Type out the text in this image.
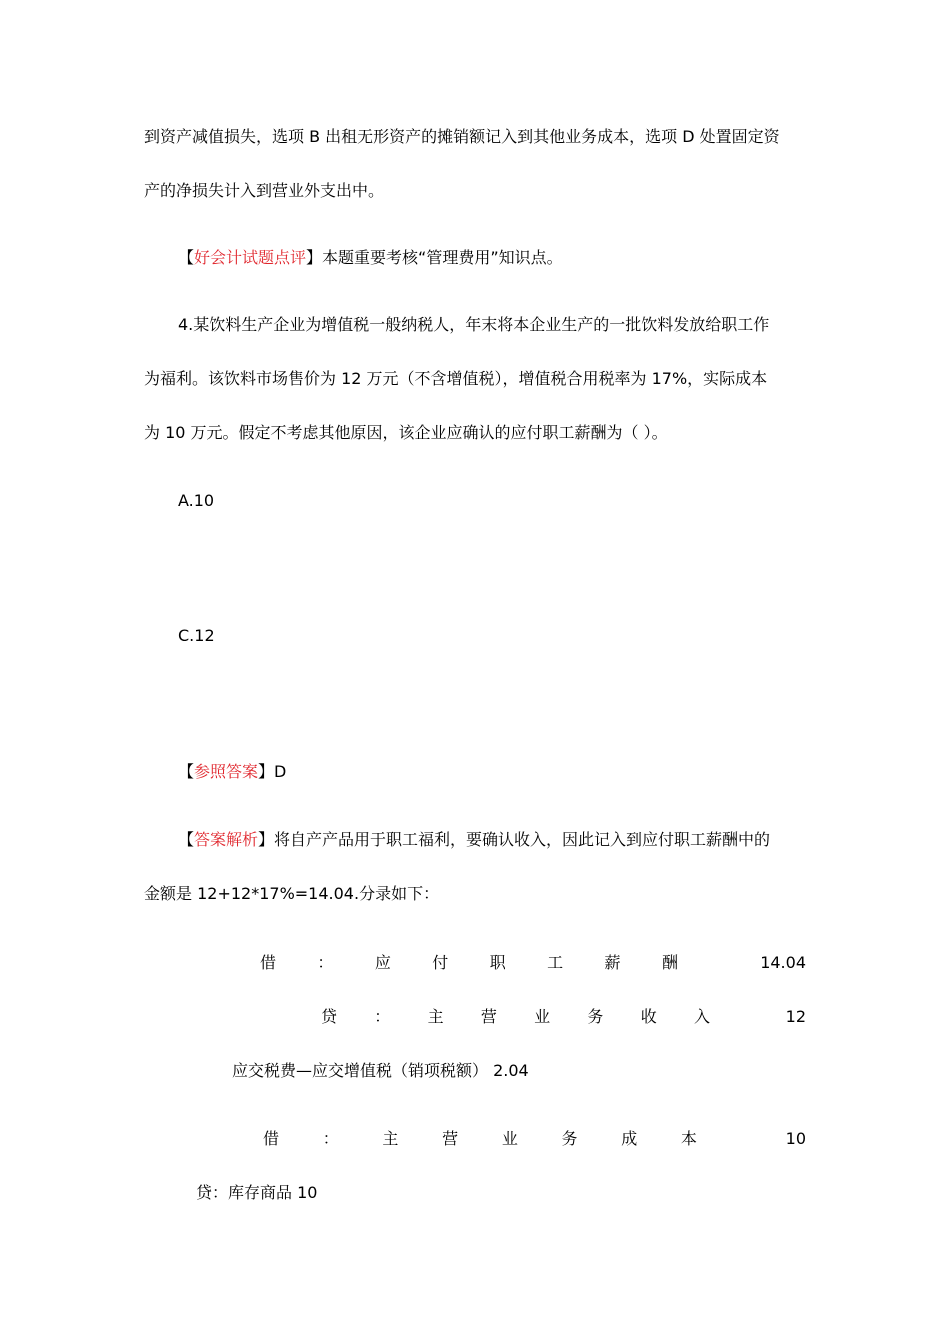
到资产减值损失，选项 B 出租无形资产的摊销额记入到其他业务成本，选项 D 处置固定资
产的净损失计入到营业外支出中。
【好会计试题点评】本题重要考核“管理费用”知识点。
4.某饮料生产企业为增值税一般纳税人，年末将本企业生产的一批饮料发放给职工作
为福利。该饮料市场售价为 12 万元（不含增值税），增值税合用税率为 17%，实际成本
为 10 万元。假定不考虑其他原因，该企业应确认的应付职工薪酬为（ ）。
A.10
C.12
【参照答案】D
【答案解析】将自产产品用于职工福利，要确认收入，因此记入到应付职工薪酬中的
金额是 12+12*17%=14.04.分录如下：
借	：	应	付	职	工	薪	酬	14.04
贷 ： 主 营 业 务 收 入	12
应交税费—应交增值税（销项税额） 2.04
借	：	主	营	业	务	成	本	10
贷：库存商品 10
